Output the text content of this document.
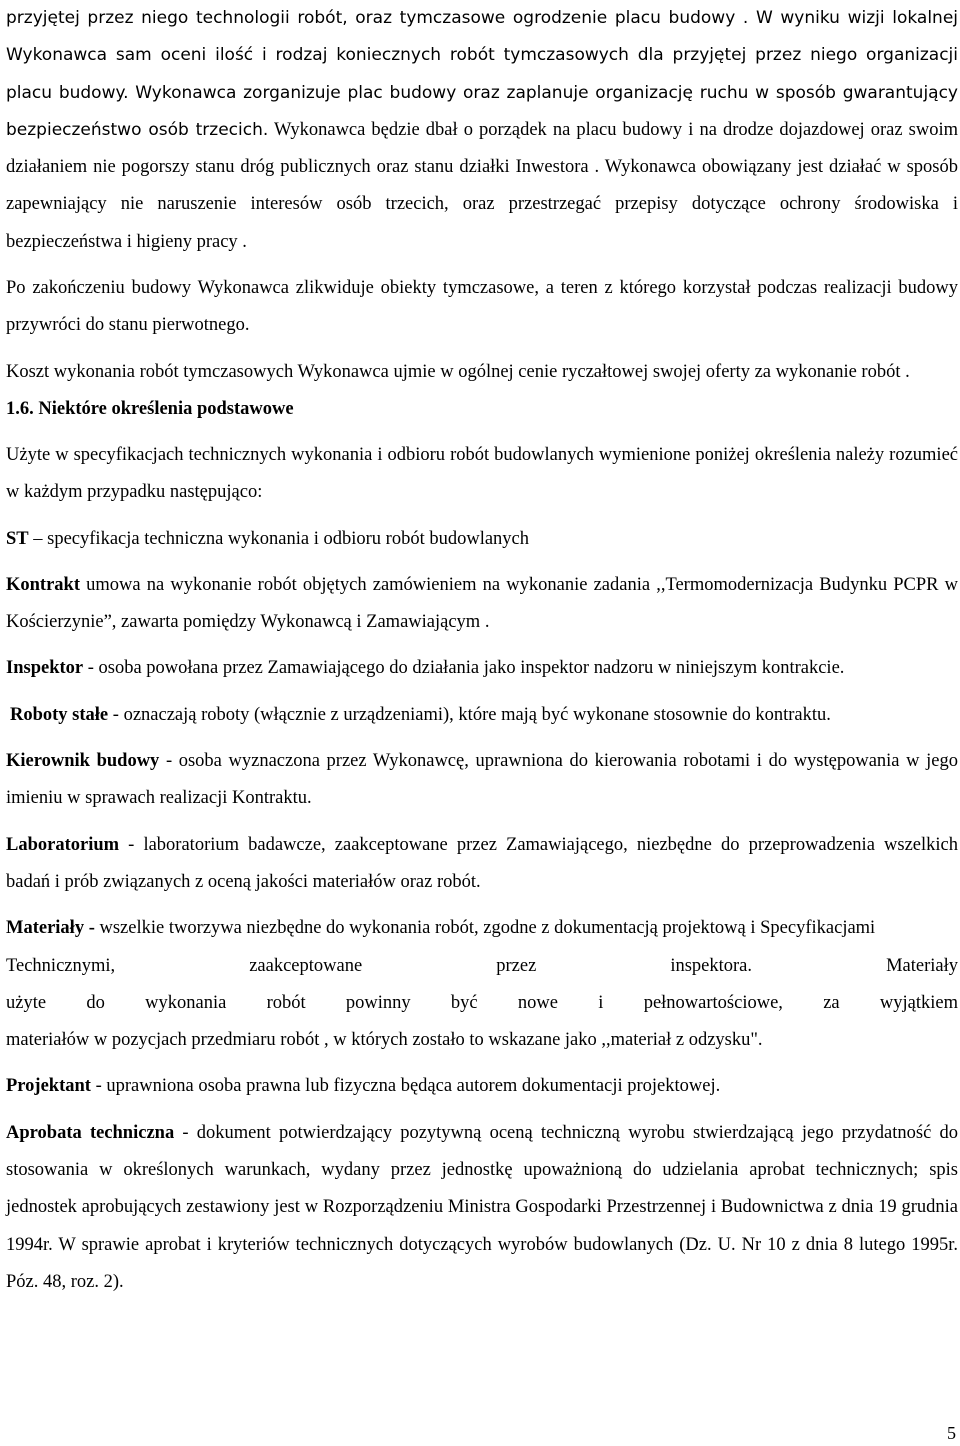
przyjętej przez niego technologii robót, oraz tymczasowe ogrodzenie placu budowy . W wyniku wizji lokalnej Wykonawca sam oceni ilość i rodzaj koniecznych robót tymczasowych dla przyjętej przez niego organizacji placu budowy. Wykonawca zorganizuje plac budowy oraz zaplanuje organizację ruchu w sposób gwarantujący bezpieczeństwo osób trzecich. Wykonawca będzie dbał o porządek na placu budowy i na drodze dojazdowej oraz swoim działaniem nie pogorszy stanu dróg publicznych oraz stanu działki Inwestora . Wykonawca obowiązany jest działać w sposób zapewniający nie naruszenie interesów osób trzecich, oraz przestrzegać przepisy dotyczące ochrony środowiska i bezpieczeństwa i higieny pracy .

Po zakończeniu budowy Wykonawca zlikwiduje obiekty tymczasowe, a teren z którego korzystał podczas realizacji budowy przywróci do stanu pierwotnego.

Koszt wykonania robót tymczasowych Wykonawca ujmie w ogólnej cenie ryczałtowej swojej oferty za wykonanie robót .

1.6. Niektóre określenia podstawowe

Użyte w specyfikacjach technicznych wykonania i odbioru robót budowlanych wymienione poniżej określenia należy rozumieć w każdym przypadku następująco:

ST – specyfikacja techniczna wykonania i odbioru robót budowlanych

Kontrakt umowa na wykonanie robót objętych zamówieniem na wykonanie zadania ,,Termomodernizacja Budynku PCPR w Kościerzynie”, zawarta pomiędzy Wykonawcą i Zamawiającym .

Inspektor - osoba powołana przez Zamawiającego do działania jako inspektor nadzoru w niniejszym kontrakcie.

Roboty stałe - oznaczają roboty (włącznie z urządzeniami), które mają być wykonane stosownie do kontraktu.

Kierownik budowy - osoba wyznaczona przez Wykonawcę, uprawniona do kierowania robotami i do występowania w jego imieniu w sprawach realizacji Kontraktu.

Laboratorium - laboratorium badawcze, zaakceptowane przez Zamawiającego, niezbędne do przeprowadzenia wszelkich badań i prób związanych z oceną jakości materiałów oraz robót.

Materiały - wszelkie tworzywa niezbędne do wykonania robót, zgodne z dokumentacją projektową i Specyfikacjami

Technicznymi, zaakceptowane przez inspektora. Materiały

użyte do wykonania robót powinny być nowe i pełnowartościowe, za wyjątkiem

materiałów w pozycjach przedmiaru robót , w których zostało to wskazane jako ,,materiał z odzysku".

Projektant - uprawniona osoba prawna lub fizyczna będąca autorem dokumentacji projektowej.

Aprobata techniczna - dokument potwierdzający pozytywną oceną techniczną wyrobu stwierdzającą jego przydatność do stosowania w określonych warunkach, wydany przez jednostkę upoważnioną do udzielania aprobat technicznych; spis jednostek aprobujących zestawiony jest w Rozporządzeniu Ministra Gospodarki Przestrzennej i Budownictwa z dnia 19 grudnia 1994r. W sprawie aprobat i kryteriów technicznych dotyczących wyrobów budowlanych (Dz. U. Nr 10 z dnia 8 lutego 1995r. Póz. 48, roz. 2).

5
